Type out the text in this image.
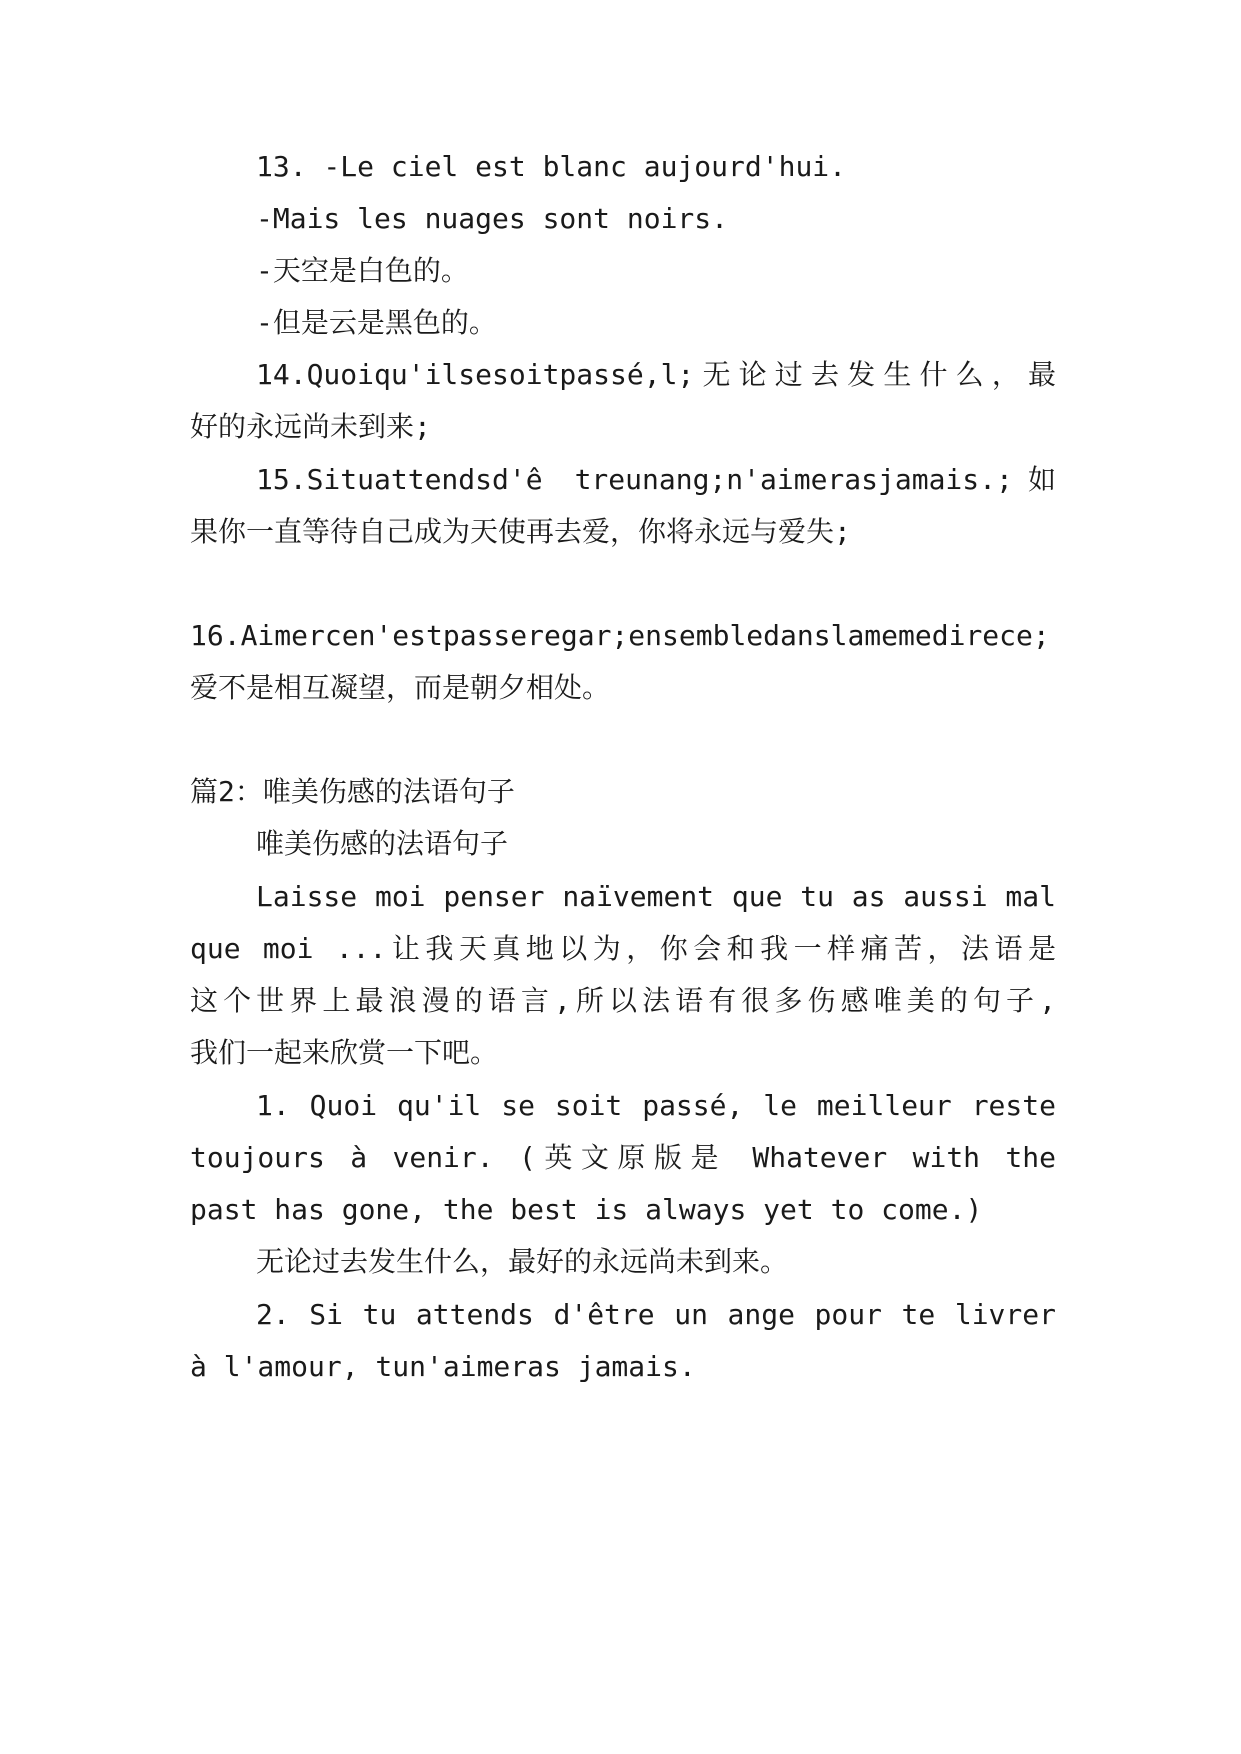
13. -Le ciel est blanc aujourd'hui.
-Mais les nuages sont noirs.
-天空是白色的。
-但是云是黑色的。
14.Quoiqu'ilsesoitpassé,l;无论过去发生什么，最
好的永远尚未到来;
15.Situattendsd'ê treunang;n'aimerasjamais.;如
果你一直等待自己成为天使再去爱，你将永远与爱失;
16.Aimercen'estpasseregar;ensembledanslamemedirece;
爱不是相互凝望，而是朝夕相处。
篇2：唯美伤感的法语句子
唯美伤感的法语句子
Laisse moi penser naïvement que tu as aussi mal
que moi ...让我天真地以为，你会和我一样痛苦，法语是
这个世界上最浪漫的语言,所以法语有很多伤感唯美的句子,
我们一起来欣赏一下吧。
1. Quoi qu'il se soit passé, le meilleur reste
toujours à venir. (英文原版是 Whatever with the
past has gone, the best is always yet to come.)
无论过去发生什么，最好的永远尚未到来。
2. Si tu attends d'être un ange pour te livrer
à l'amour, tun'aimeras jamais.
